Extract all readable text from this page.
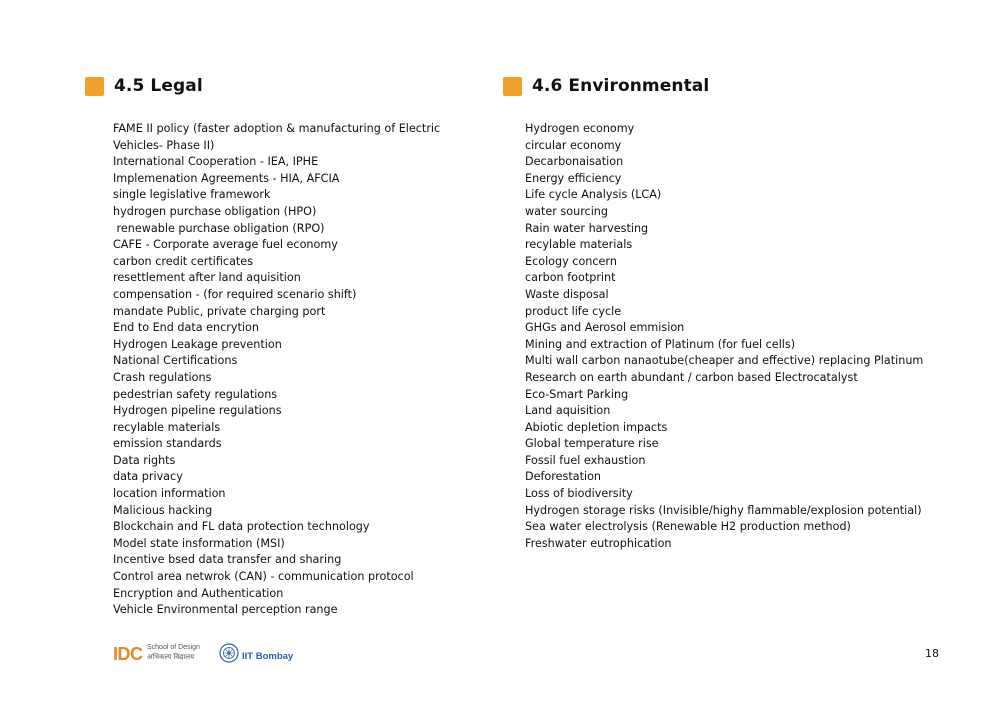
4.5 Legal
FAME II policy (faster adoption & manufacturing of Electric
Vehicles- Phase II)
International Cooperation - IEA, IPHE
Implemenation Agreements - HIA, AFCIA
single legislative framework
hydrogen purchase obligation (HPO)
renewable purchase obligation (RPO)
CAFE - Corporate average fuel economy
carbon credit certificates
resettlement after land aquisition
compensation - (for required scenario shift)
mandate Public, private charging port
End to End data encrytion
Hydrogen Leakage prevention
National Certifications
Crash regulations
pedestrian safety regulations
Hydrogen pipeline regulations
recylable materials
emission standards
Data rights
data privacy
location information
Malicious hacking
Blockchain and FL data protection technology
Model state insformation (MSI)
Incentive bsed data transfer and sharing
Control area netwrok (CAN) - communication protocol
Encryption and Authentication
Vehicle Environmental perception range
4.6 Environmental
Hydrogen economy
circular economy
Decarbonaisation
Energy efficiency
Life cycle Analysis (LCA)
water sourcing
Rain water harvesting
recylable materials
Ecology concern
carbon footprint
Waste disposal
product life cycle
GHGs and Aerosol emmision
Mining and extraction of Platinum (for fuel cells)
Multi wall carbon nanaotube(cheaper and effective) replacing Platinum
Research on earth abundant / carbon based Electrocatalyst
Eco-Smart Parking
Land aquisition
Abiotic depletion impacts
Global temperature rise
Fossil fuel exhaustion
Deforestation
Loss of biodiversity
Hydrogen storage risks (Invisible/highy flammable/explosion potential)
Sea water electrolysis (Renewable H2 production method)
Freshwater eutrophication
IDC School of Design
अभिकल्प विद्यालय	IIT Bombay	18
